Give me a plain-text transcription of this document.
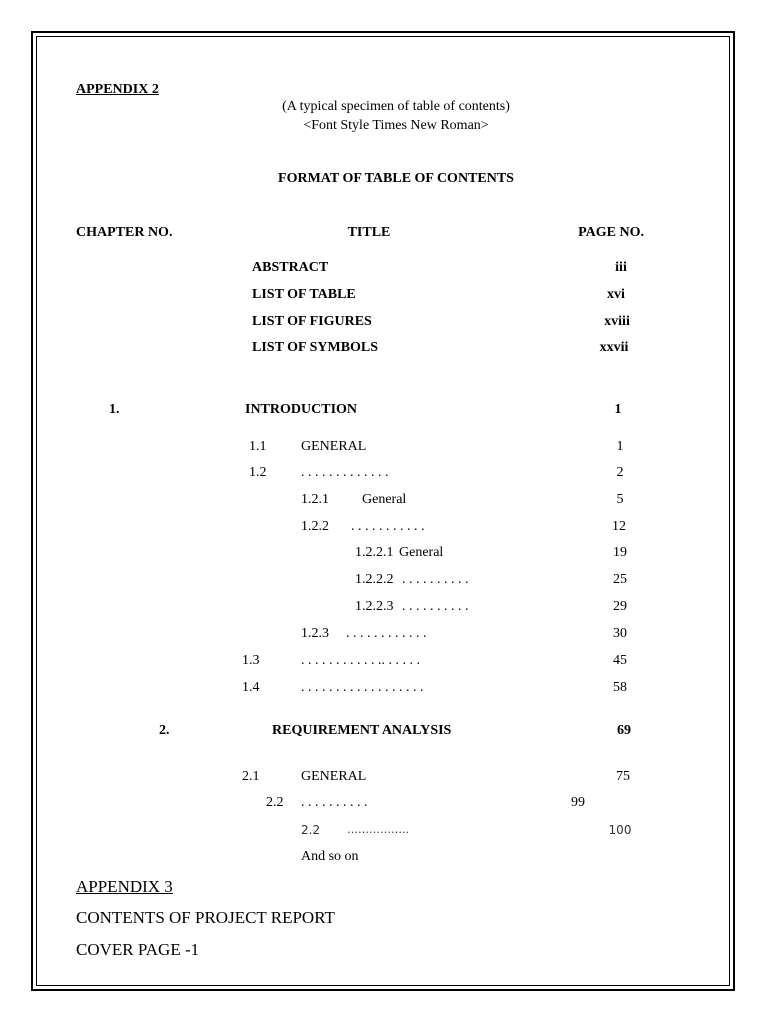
APPENDIX 2
(A typical specimen of table of contents)
<Font Style Times New Roman>
FORMAT OF TABLE OF CONTENTS
CHAPTER NO.	TITLE	PAGE NO.
ABSTRACT	iii
LIST OF TABLE	xvi
LIST OF FIGURES	xviii
LIST OF SYMBOLS	xxvii
1.	INTRODUCTION	1
1.1 GENERAL	1
1.2 . . . . . . . . . . . . .	2
1.2.1 General	5
1.2.2 . . . . . . . . . . .	12
1.2.2.1 General	19
1.2.2.2 . . . . . . . . . .	25
1.2.2.3 . . . . . . . . . .	29
1.2.3 . . . . . . . . . . . .	30
1.3	. . . . . . . . . . . .. . . . . .	45
1.4	. . . . . . . . . . . . . . . . . .	58
2.	REQUIREMENT ANALYSIS	69
2.1	GENERAL	75
2.2 . . . . . . . . . .	99
2.2 ……………..	100
And so on
APPENDIX 3
CONTENTS OF PROJECT REPORT
COVER PAGE -1
